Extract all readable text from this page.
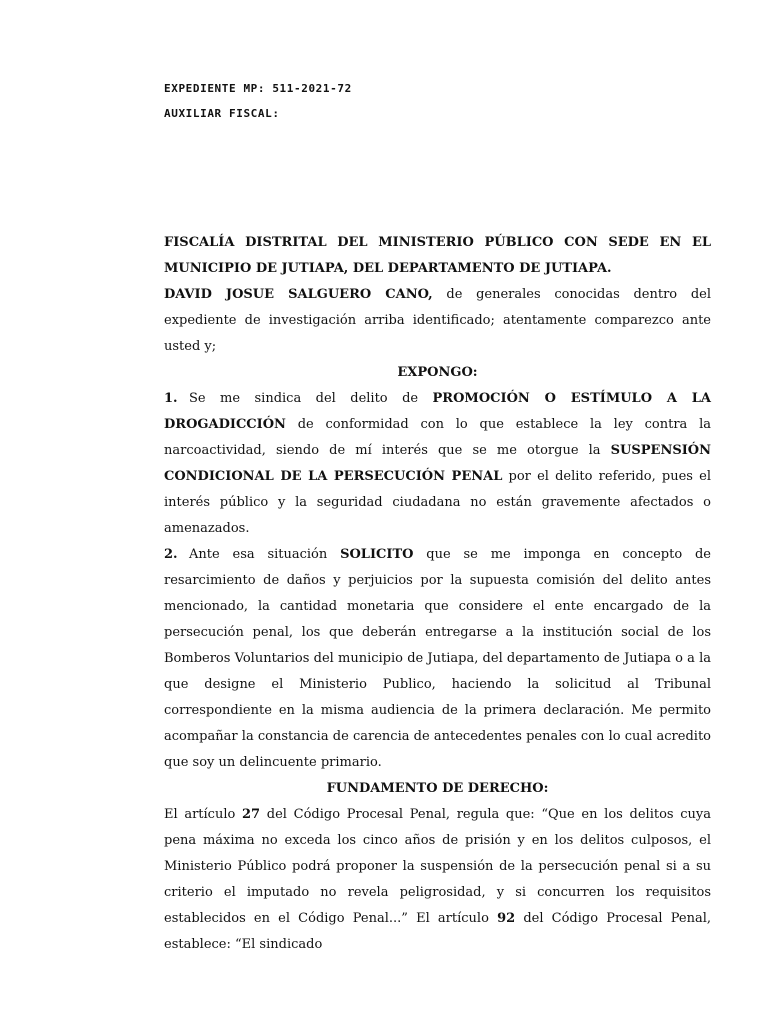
EXPEDIENTE MP: 511-2021-72
AUXILIAR FISCAL:

FISCALÍA DISTRITAL DEL MINISTERIO PÚBLICO CON SEDE EN EL MUNICIPIO DE JUTIAPA, DEL DEPARTAMENTO DE JUTIAPA.

DAVID JOSUE SALGUERO CANO, de generales conocidas dentro del expediente de investigación arriba identificado; atentamente comparezco ante usted y;

EXPONGO:

1. Se me sindica del delito de PROMOCIÓN O ESTÍMULO A LA DROGADICCIÓN de conformidad con lo que establece la ley contra la narcoactividad, siendo de mí interés que se me otorgue la SUSPENSIÓN CONDICIONAL DE LA PERSECUCIÓN PENAL por el delito referido, pues el interés público y la seguridad ciudadana no están gravemente afectados o amenazados.

2. Ante esa situación SOLICITO que se me imponga en concepto de resarcimiento de daños y perjuicios por la supuesta comisión del delito antes mencionado, la cantidad monetaria que considere el ente encargado de la persecución penal, los que deberán entregarse a la institución social de los Bomberos Voluntarios del municipio de Jutiapa, del departamento de Jutiapa o a la que designe el Ministerio Publico, haciendo la solicitud al Tribunal correspondiente en la misma audiencia de la primera declaración. Me permito acompañar la constancia de carencia de antecedentes penales con lo cual acredito que soy un delincuente primario.

FUNDAMENTO DE DERECHO:

El artículo 27 del Código Procesal Penal, regula que: “Que en los delitos cuya pena máxima no exceda los cinco años de prisión y en los delitos culposos, el Ministerio Público podrá proponer la suspensión de la persecución penal si a su criterio el imputado no revela peligrosidad, y si concurren los requisitos establecidos en el Código Penal...” El artículo 92 del Código Procesal Penal, establece: “El sindicado
